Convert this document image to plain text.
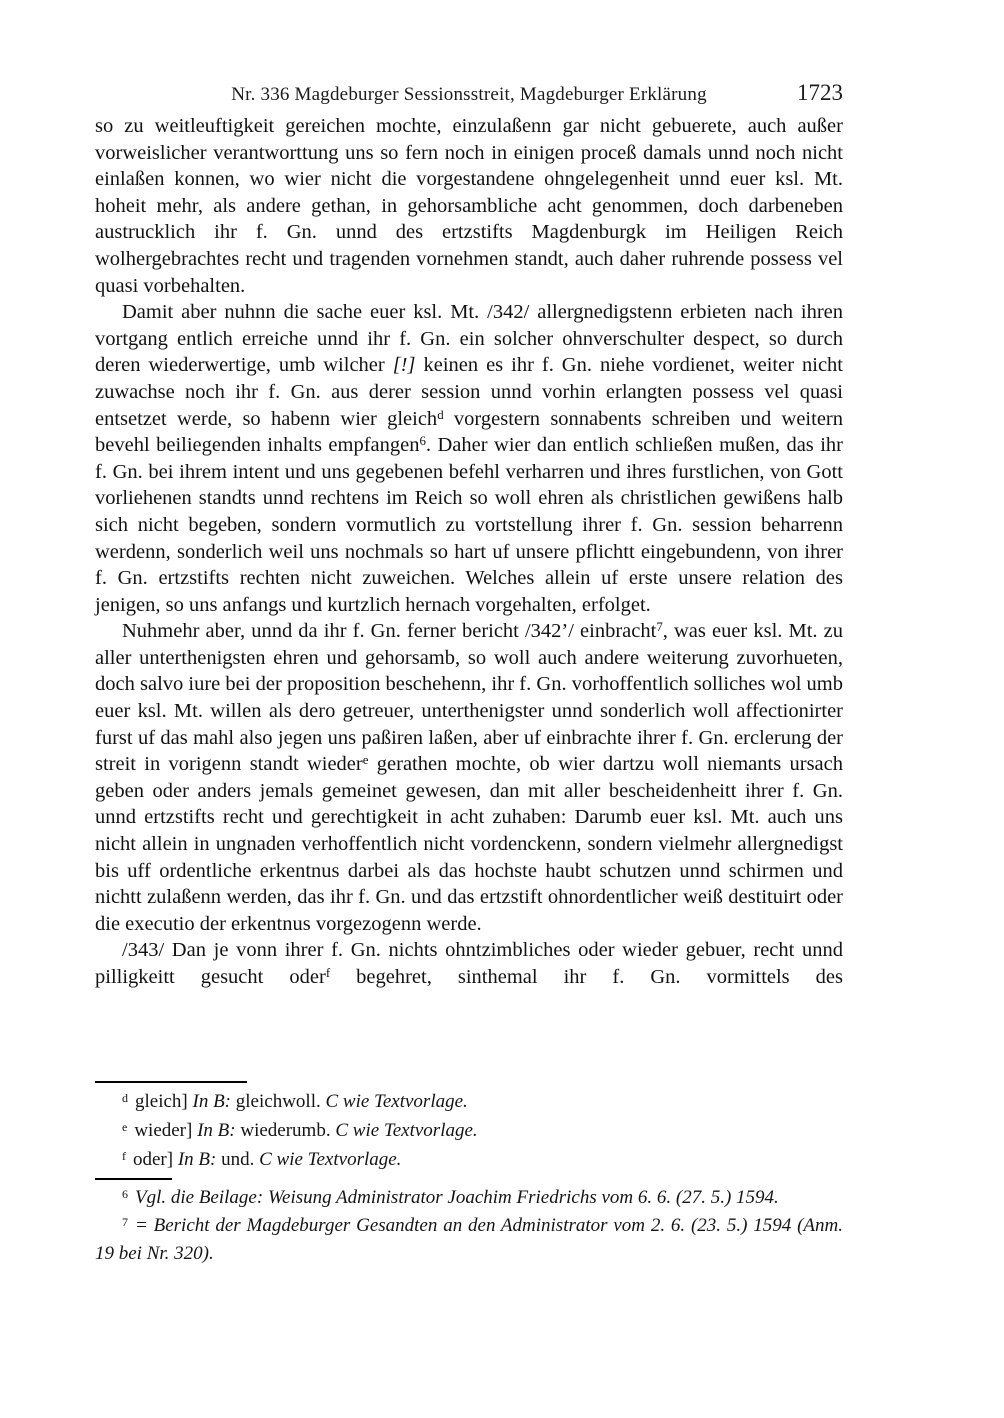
Nr. 336 Magdeburger Sessionsstreit, Magdeburger Erklärung	1723

so zu weitleuftigkeit gereichen mochte, einzulaßenn gar nicht gebuerete, auch außer vorweislicher verantworttung uns so fern noch in einigen proceß damals unnd noch nicht einlaßen konnen, wo wier nicht die vorgestandene ohngelegenheit unnd euer ksl. Mt. hoheit mehr, als andere gethan, in gehorsambliche acht genommen, doch darbeneben austrucklich ihr f. Gn. unnd des ertzstifts Magdenburgk im Heiligen Reich wolhergebrachtes recht und tragenden vornehmen standt, auch daher ruhrende possess vel quasi vorbehalten.

Damit aber nuhnn die sache euer ksl. Mt. /342/ allergnedigstenn erbieten nach ihren vortgang entlich erreiche unnd ihr f. Gn. ein solcher ohnverschulter despect, so durch deren wiederwertige, umb wilcher [!] keinen es ihr f. Gn. niehe vordienet, weiter nicht zuwachse noch ihr f. Gn. aus derer session unnd vorhin erlangten possess vel quasi entsetzet werde, so habenn wier gleich$^d$ vorgestern sonnabents schreiben und weitern bevehl beiliegenden inhalts empfangen$^6$. Daher wier dan entlich schließen mußen, das ihr f. Gn. bei ihrem intent und uns gegebenen befehl verharren und ihres furstlichen, von Gott vorliehenen standts unnd rechtens im Reich so woll ehren als christlichen gewißens halb sich nicht begeben, sondern vormutlich zu vortstellung ihrer f. Gn. session beharrenn werdenn, sonderlich weil uns nochmals so hart uf unsere pflichtt eingebundenn, von ihrer f. Gn. ertzstifts rechten nicht zuweichen. Welches allein uf erste unsere relation des jenigen, so uns anfangs und kurtzlich hernach vorgehalten, erfolget.

Nuhmehr aber, unnd da ihr f. Gn. ferner bericht /342’/ einbracht$^7$, was euer ksl. Mt. zu aller unterthenigsten ehren und gehorsamb, so woll auch andere weiterung zuvorhueten, doch salvo iure bei der proposition beschehenn, ihr f. Gn. vorhoffentlich solliches wol umb euer ksl. Mt. willen als dero getreuer, unterthenigster unnd sonderlich woll affectionirter furst uf das mahl also jegen uns paßiren laßen, aber uf einbrachte ihrer f. Gn. erclerung der streit in vorigenn standt wieder$^e$ gerathen mochte, ob wier dartzu woll niemants ursach geben oder anders jemals gemeinet gewesen, dan mit aller bescheidenheitt ihrer f. Gn. unnd ertzstifts recht und gerechtigkeit in acht zuhaben: Darumb euer ksl. Mt. auch uns nicht allein in ungnaden verhoffentlich nicht vordenckenn, sondern vielmehr allergnedigst bis uff ordentliche erkentnus darbei als das hochste haubt schutzen unnd schirmen und nichtt zulaßenn werden, das ihr f. Gn. und das ertzstift ohnordentlicher weiß destituirt oder die executio der erkentnus vorgezogenn werde.

/343/ Dan je vonn ihrer f. Gn. nichts ohntzimbliches oder wieder gebuer, recht unnd pilligkeitt gesucht oder$^f$ begehret, sinthemal ihr f. Gn. vormittels des

$^d$ gleich] In B: gleichwoll. C wie Textvorlage.

$^e$ wieder] In B: wiederumb. C wie Textvorlage.

$^f$ oder] In B: und. C wie Textvorlage.

$^6$ Vgl. die Beilage: Weisung Administrator Joachim Friedrichs vom 6. 6. (27. 5.) 1594.

$^7$ = Bericht der Magdeburger Gesandten an den Administrator vom 2. 6. (23. 5.) 1594 (Anm. 19 bei Nr. 320).
